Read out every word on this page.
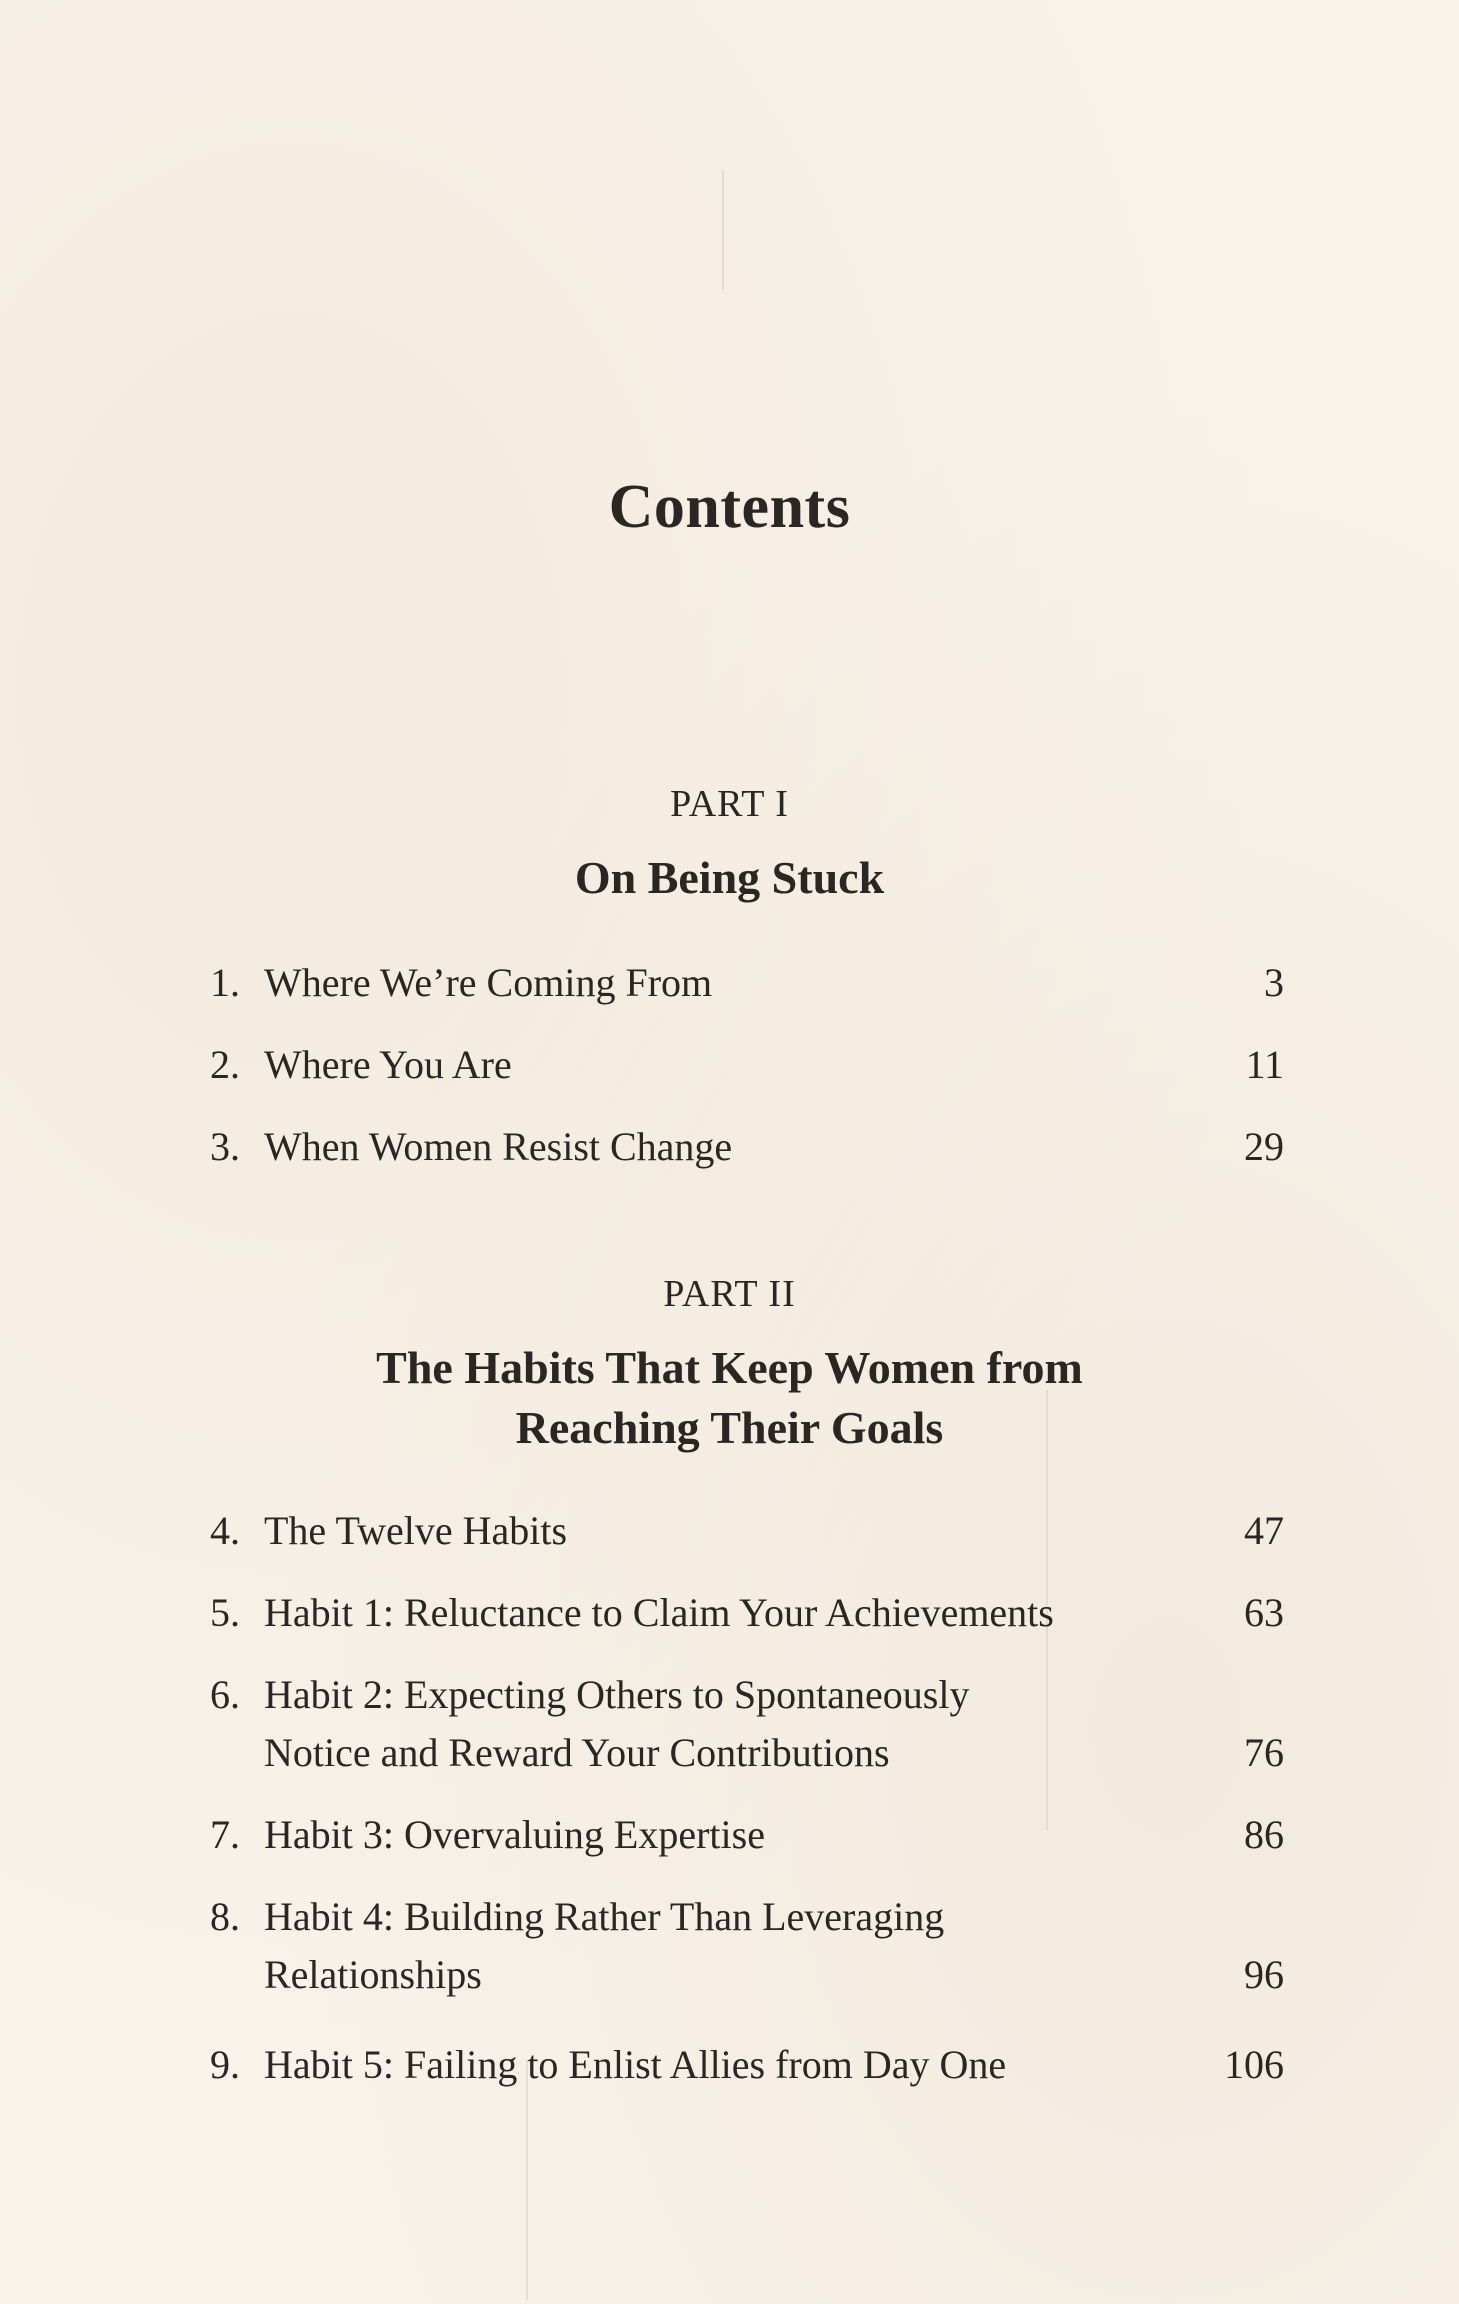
Contents
PART I
On Being Stuck
1. Where We’re Coming From	3
2. Where You Are	11
3. When Women Resist Change	29
PART II
The Habits That Keep Women from
Reaching Their Goals
4. The Twelve Habits	47
5. Habit 1: Reluctance to Claim Your Achievements	63
6. Habit 2: Expecting Others to Spontaneously
Notice and Reward Your Contributions	76
7. Habit 3: Overvaluing Expertise	86
8. Habit 4: Building Rather Than Leveraging
Relationships	96
9. Habit 5: Failing to Enlist Allies from Day One	106
